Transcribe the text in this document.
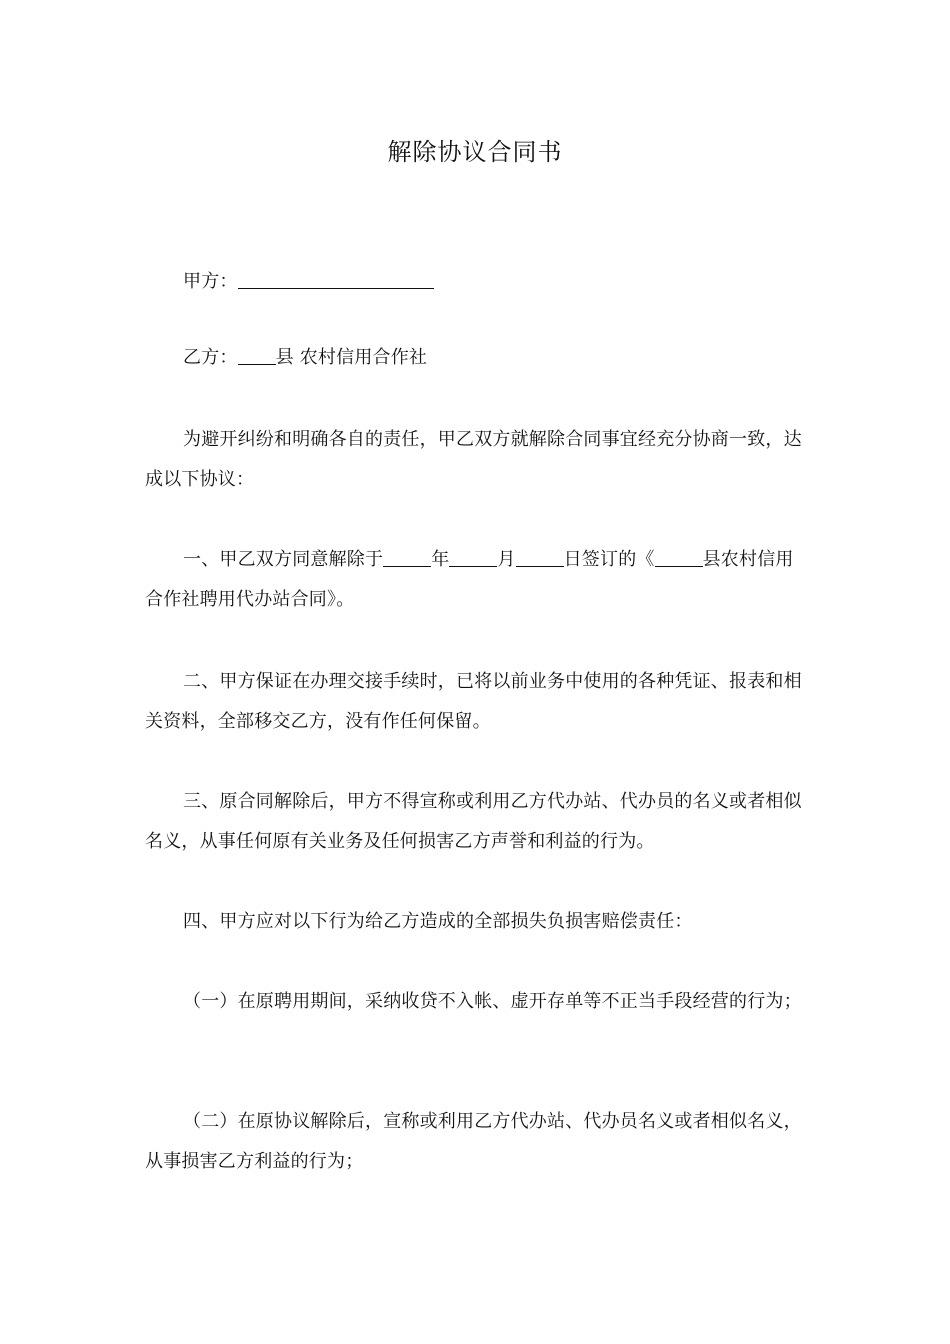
解除协议合同书
甲方：
乙方： 县 农村信用合作社
为避开纠纷和明确各自的责任，甲乙双方就解除合同事宜经充分协商一致，达成以下协议：
一、甲乙双方同意解除于	年	月	日签订的《	县农村信用合作社聘用代办站合同》。
二、甲方保证在办理交接手续时，已将以前业务中使用的各种凭证、报表和相关资料，全部移交乙方，没有作任何保留。
三、原合同解除后，甲方不得宣称或利用乙方代办站、代办员的名义或者相似名义，从事任何原有关业务及任何损害乙方声誉和利益的行为。
四、甲方应对以下行为给乙方造成的全部损失负损害赔偿责任：
（一）在原聘用期间，采纳收贷不入帐、虚开存单等不正当手段经营的行为；
（二）在原协议解除后，宣称或利用乙方代办站、代办员名义或者相似名义，从事损害乙方利益的行为；
